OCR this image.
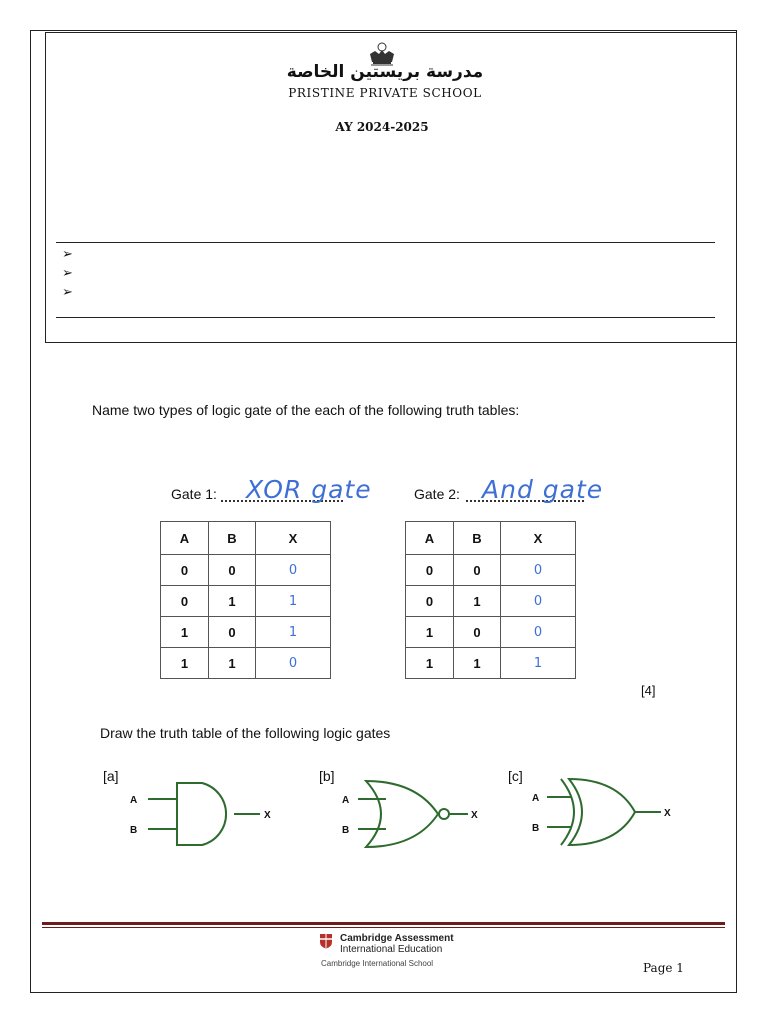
مدرسة بريستين الخاصة
PRISTINE PRIVATE SCHOOL
AY 2024-2025
➢
➢
➢
Name two types of logic gate of the each of the following truth tables:
Gate 1: XOR gate	Gate 2: And gate
A	B	X
0	0	0
0	1	1
1	0	1
1	1	0
A	B	X
0	0	0
0	1	0
1	0	0
1	1	1
[4]
Draw the truth table of the following logic gates
[a]	[b]	[c]
A
B
X
A
B
X
A
B
X
Cambridge Assessment
International Education
Cambridge International School	Page 1
